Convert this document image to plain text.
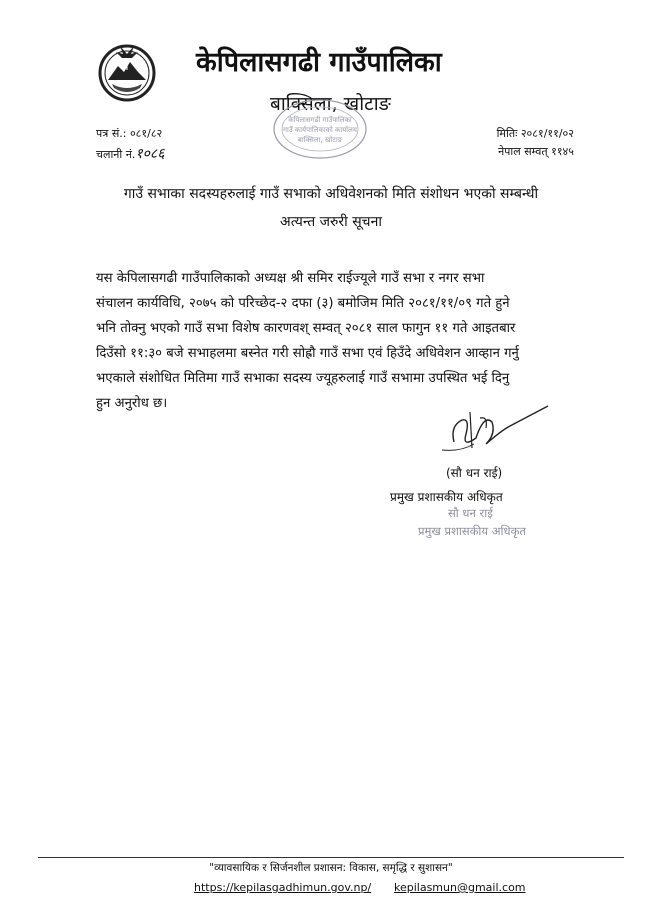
केपिलासगढी गाउँपालिका
बाक्सिला, खोटाङ
केपिलासगढी गाउँपालिका
गाउँ कार्यपालिकाको कार्यालय
बाक्सिला, खोटाङ
पत्र सं.: ०८१/८२
चलानी नं.१०८६
मितिः २०८१/११/०२
नेपाल सम्वत् ११४५
गाउँ सभाका सदस्यहरुलाई गाउँ सभाको अधिवेशनको मिति संशोधन भएको सम्बन्धी
अत्यन्त जरुरी सूचना
यस केपिलासगढी गाउँपालिकाको अध्यक्ष श्री समिर राईज्यूले गाउँ सभा र नगर सभा
संचालन कार्यविधि, २०७५ को परिच्छेद-२ दफा (३) बमोजिम मिति २०८१/११/०९ गते हुने
भनि तोक्नु भएको गाउँ सभा विशेष कारणवश् सम्वत् २०८१ साल फागुन ११ गते आइतबार
दिउँसो ११:३० बजे सभाहलमा बस्नेत गरी सोह्रौ गाउँ सभा एवं हिउँदे अधिवेशन आव्हान गर्नु
भएकाले संशोधित मितिमा गाउँ सभाका सदस्य ज्यूहरुलाई गाउँ सभामा उपस्थित भई दिनु
हुन अनुरोध छ।
(सौ धन राई)
प्रमुख प्रशासकीय अधिकृत
सौ धन राई
प्रमुख प्रशासकीय अधिकृत
"व्यावसायिक र सिर्जनशील प्रशासन: विकास, समृद्धि र सुशासन"
https://kepilasgadhimun.gov.np/ kepilasmun@gmail.com
